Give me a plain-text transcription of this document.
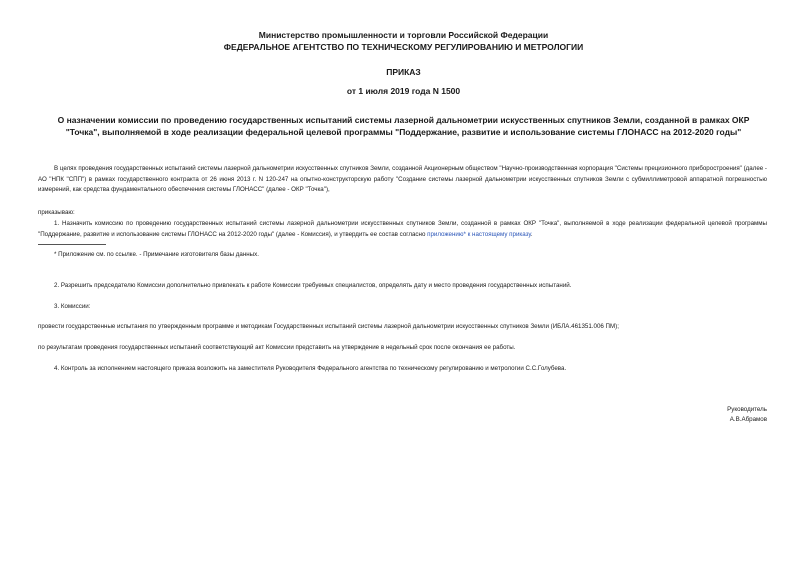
Министерство промышленности и торговли Российской Федерации
ФЕДЕРАЛЬНОЕ АГЕНТСТВО ПО ТЕХНИЧЕСКОМУ РЕГУЛИРОВАНИЮ И МЕТРОЛОГИИ
ПРИКАЗ
от 1 июля 2019 года N 1500
О назначении комиссии по проведению государственных испытаний системы лазерной дальнометрии искусственных спутников Земли, созданной в рамках ОКР
"Точка", выполняемой в ходе реализации федеральной целевой программы "Поддержание, развитие и использование системы ГЛОНАСС на 2012-2020 годы"
В целях проведения государственных испытаний системы лазерной дальнометрии искусственных спутников Земли, созданной Акционерным обществом "Научно-производственная корпорация "Системы прецизионного приборостроения" (далее - АО "НПК "СПП") в рамках государственного контракта от 26 июня 2013 г. N 120-247 на опытно-конструкторскую работу "Создание системы лазерной дальнометрии искусственных спутников Земли с субмиллиметровой аппаратной погрешностью измерений, как средства фундаментального обеспечения системы ГЛОНАСС" (далее - ОКР "Точка"),
приказываю:
1. Назначить комиссию по проведению государственных испытаний системы лазерной дальнометрии искусственных спутников Земли, созданной в рамках ОКР "Точка", выполняемой в ходе реализации федеральной целевой программы "Поддержание, развитие и использование системы ГЛОНАСС на 2012-2020 годы" (далее - Комиссия), и утвердить ее состав согласно приложению* к настоящему приказу.
* Приложение см. по ссылке. - Примечание изготовителя базы данных.
2. Разрешить председателю Комиссии дополнительно привлекать к работе Комиссии требуемых специалистов, определять дату и место проведения государственных испытаний.
3. Комиссии:
провести государственные испытания по утвержденным программе и методикам Государственных испытаний системы лазерной дальнометрии искусственных спутников Земли (ИБЛА.461351.006 ПМ);
по результатам проведения государственных испытаний соответствующий акт Комиссии представить на утверждение в недельный срок после окончания ее работы.
4. Контроль за исполнением настоящего приказа возложить на заместителя Руководителя Федерального агентства по техническому регулированию и метрологии С.С.Голубева.
Руководитель
А.В.Абрамов
